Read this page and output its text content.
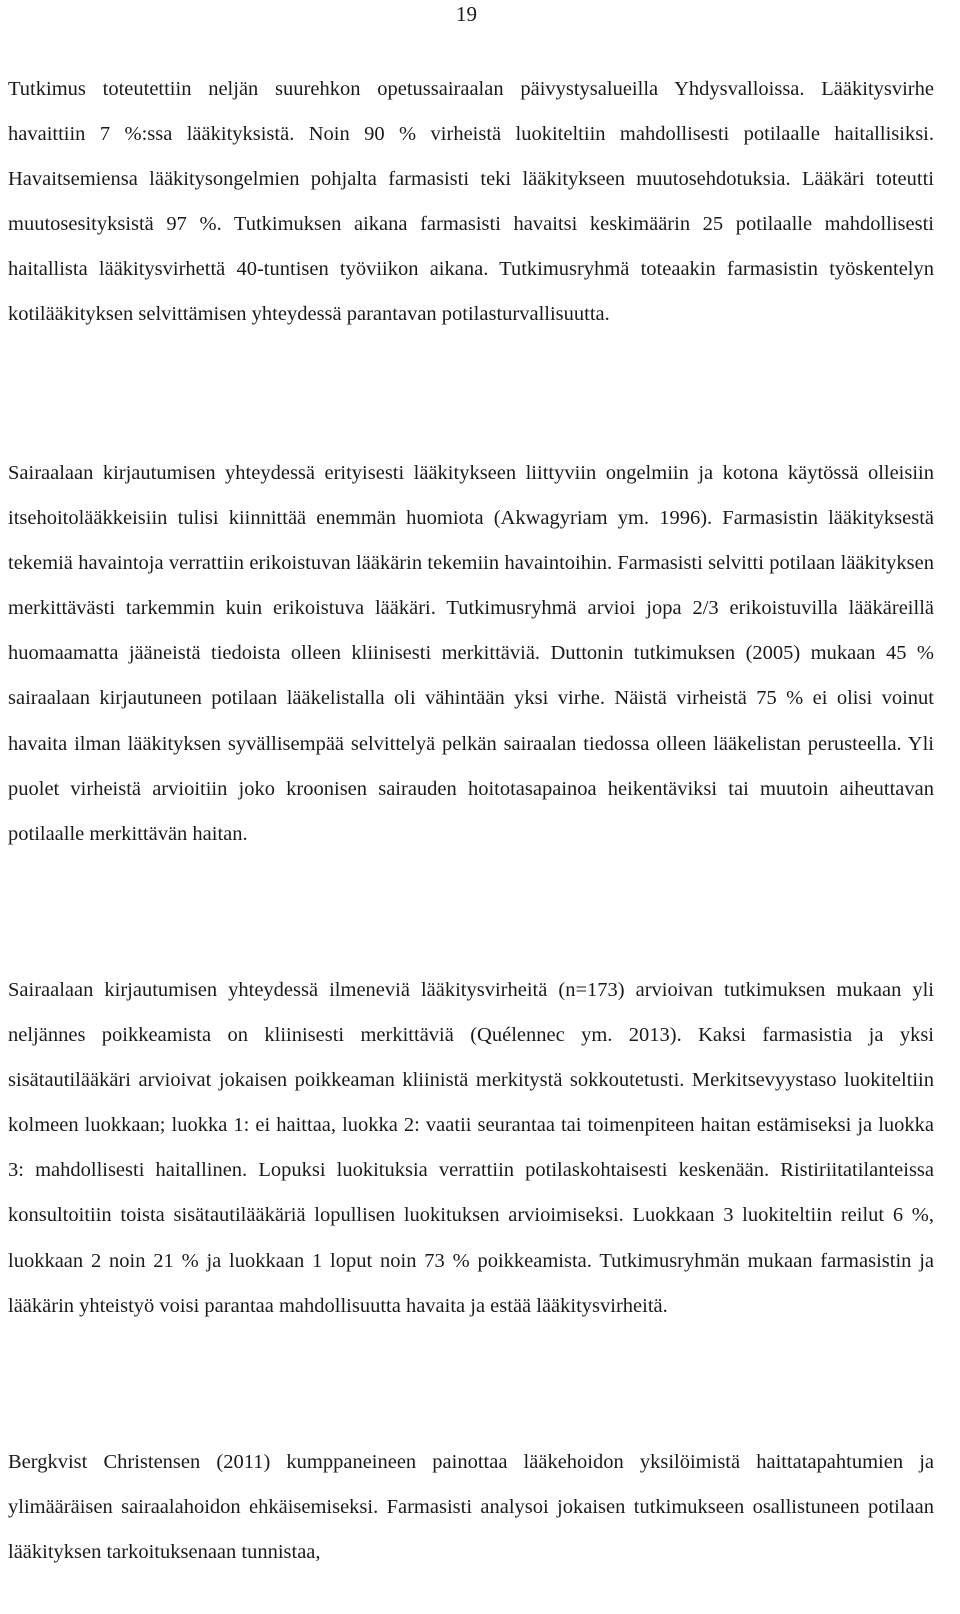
19

Tutkimus toteutettiin neljän suurehkon opetussairaalan päivystysalueilla Yhdysvalloissa. Lääkitysvirhe havaittiin 7 %:ssa lääkityksistä. Noin 90 % virheistä luokiteltiin mahdollisesti potilaalle haitallisiksi. Havaitsemiensa lääkitysongelmien pohjalta farmasisti teki lääkitykseen muutosehdotuksia. Lääkäri toteutti muutosesityksistä 97 %. Tutkimuksen aikana farmasisti havaitsi keskimäärin 25 potilaalle mahdollisesti haitallista lääkitysvirhettä 40-tuntisen työviikon aikana. Tutkimusryhmä toteaakin farmasistin työskentelyn kotilääkityksen selvittämisen yhteydessä parantavan potilasturvallisuutta.

Sairaalaan kirjautumisen yhteydessä erityisesti lääkitykseen liittyviin ongelmiin ja kotona käytössä olleisiin itsehoitolääkkeisiin tulisi kiinnittää enemmän huomiota (Akwagyriam ym. 1996). Farmasistin lääkityksestä tekemiä havaintoja verrattiin erikoistuvan lääkärin tekemiin havaintoihin. Farmasisti selvitti potilaan lääkityksen merkittävästi tarkemmin kuin erikoistuva lääkäri. Tutkimusryhmä arvioi jopa 2/3 erikoistuvilla lääkäreillä huomaamatta jääneistä tiedoista olleen kliinisesti merkittäviä. Duttonin tutkimuksen (2005) mukaan 45 % sairaalaan kirjautuneen potilaan lääkelistalla oli vähintään yksi virhe. Näistä virheistä 75 % ei olisi voinut havaita ilman lääkityksen syvällisempää selvittelyä pelkän sairaalan tiedossa olleen lääkelistan perusteella. Yli puolet virheistä arvioitiin joko kroonisen sairauden hoitotasapainoa heikentäviksi tai muutoin aiheuttavan potilaalle merkittävän haitan.

Sairaalaan kirjautumisen yhteydessä ilmeneviä lääkitysvirheitä (n=173) arvioivan tutkimuksen mukaan yli neljännes poikkeamista on kliinisesti merkittäviä (Quélennec ym. 2013). Kaksi farmasistia ja yksi sisätautilääkäri arvioivat jokaisen poikkeaman kliinistä merkitystä sokkoutetusti. Merkitsevyystaso luokiteltiin kolmeen luokkaan; luokka 1: ei haittaa, luokka 2: vaatii seurantaa tai toimenpiteen haitan estämiseksi ja luokka 3: mahdollisesti haitallinen. Lopuksi luokituksia verrattiin potilaskohtaisesti keskenään. Ristiriitatilanteissa konsultoitiin toista sisätautilääkäriä lopullisen luokituksen arvioimiseksi. Luokkaan 3 luokiteltiin reilut 6 %, luokkaan 2 noin 21 % ja luokkaan 1 loput noin 73 % poikkeamista. Tutkimusryhmän mukaan farmasistin ja lääkärin yhteistyö voisi parantaa mahdollisuutta havaita ja estää lääkitysvirheitä.

Bergkvist Christensen (2011) kumppaneineen painottaa lääkehoidon yksilöimistä haittatapahtumien ja ylimääräisen sairaalahoidon ehkäisemiseksi. Farmasisti analysoi jokaisen tutkimukseen osallistuneen potilaan lääkityksen tarkoituksenaan tunnistaa,
